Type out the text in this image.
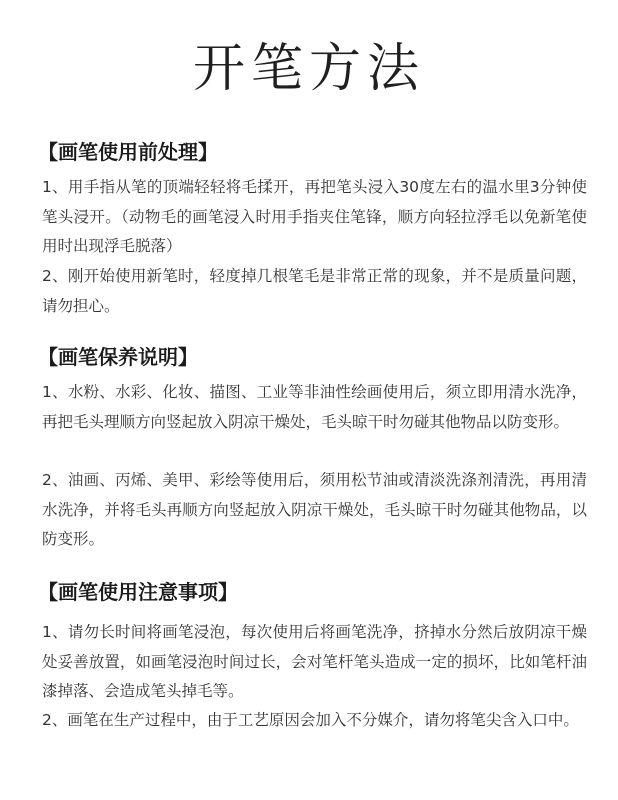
开笔方法
【画笔使用前处理】
1、用手指从笔的顶端轻轻将毛揉开，再把笔头浸入30度左右的温水里3分钟使笔头浸开。（动物毛的画笔浸入时用手指夹住笔锋，顺方向轻拉浮毛以免新笔使用时出现浮毛脱落）
2、刚开始使用新笔时，轻度掉几根笔毛是非常正常的现象，并不是质量问题，请勿担心。
【画笔保养说明】
1、水粉、水彩、化妆、描图、工业等非油性绘画使用后，须立即用清水洗净，再把毛头理顺方向竖起放入阴凉干燥处，毛头晾干时勿碰其他物品以防变形。
2、油画、丙烯、美甲、彩绘等使用后，须用松节油或清淡洗涤剂清洗，再用清水洗净，并将毛头再顺方向竖起放入阴凉干燥处，毛头晾干时勿碰其他物品，以防变形。
【画笔使用注意事项】
1、请勿长时间将画笔浸泡，每次使用后将画笔洗净，挤掉水分然后放阴凉干燥处妥善放置，如画笔浸泡时间过长，会对笔杆笔头造成一定的损坏，比如笔杆油漆掉落、会造成笔头掉毛等。
2、画笔在生产过程中，由于工艺原因会加入不分媒介，请勿将笔尖含入口中。
